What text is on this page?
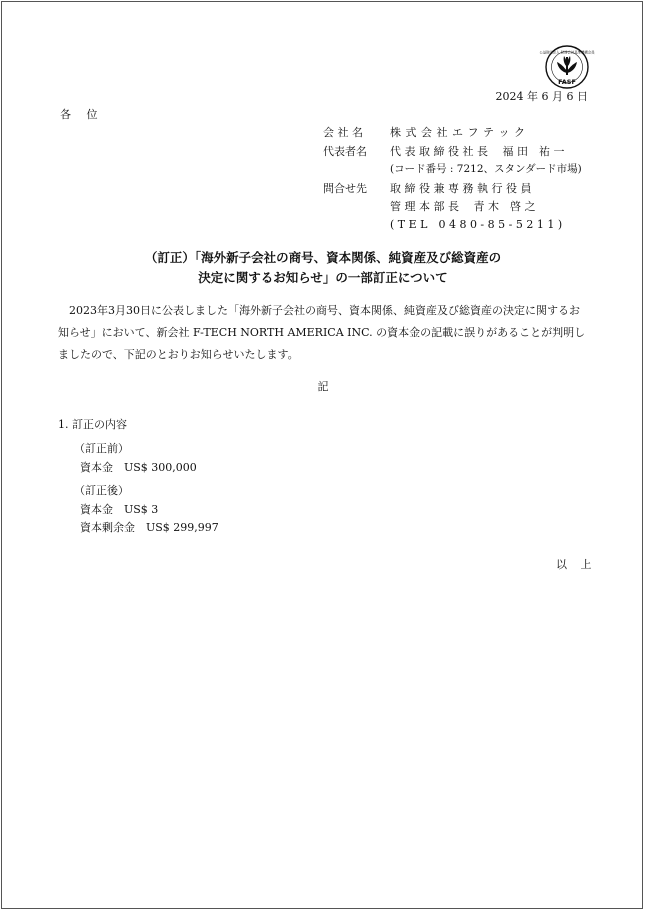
FASF
公益財団法人 財務会計基準機構会員
2024 年 6 月 6 日
各 位
会 社 名 株 式 会 社 エ フ テ ッ ク
代表者名 代 表 取 締 役 社 長　 福 田　祐 一
(コード番号 : 7212、スタンダード市場)
問合せ先 取 締 役 兼 専 務 執 行 役 員
管 理 本 部 長　 青 木　啓 之
( T E L　0 4 8 0 - 8 5 - 5 2 1 1 )
（訂正）「海外新子会社の商号、資本関係、純資産及び総資産の
決定に関するお知らせ」の一部訂正について
2023年3月30日に公表しました「海外新子会社の商号、資本関係、純資産及び総資産の決定に関するお知らせ」において、新会社 F-TECH NORTH AMERICA INC. の資本金の記載に誤りがあることが判明しましたので、下記のとおりお知らせいたします。
記
1. 訂正の内容
（訂正前）
資本金　US$ 300,000
（訂正後）
資本金　US$ 3
資本剰余金　US$ 299,997
以 上
